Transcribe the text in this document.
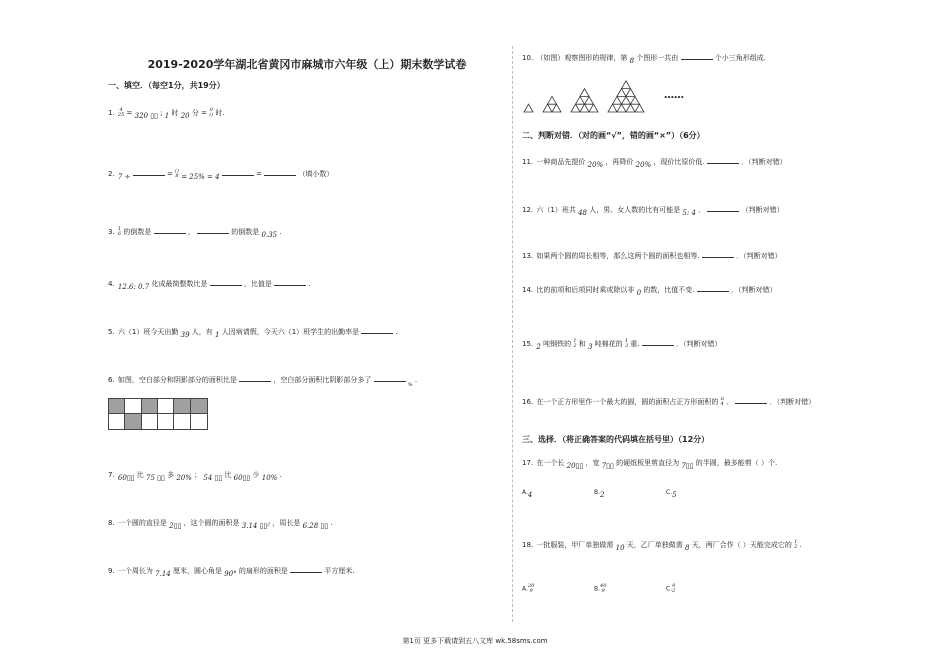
2019-2020学年湖北省黄冈市麻城市六年级（上）期末数学试卷
一、填空．（每空1分，共19分）
1. 4
25 = 320 ▯▯ ; 1 时 20 分 = 0
() 时.
2. 7 ÷	= ()
8 = 25% = 4	=	（填小数）
3. 1
6 的倒数是	，	的倒数是 0.35 .
4. 12.6: 0.7 化成最简整数比是	，比值是	.
5. 六（1）班今天出勤 39 人，有 1 人因病请假，今天六（1）班学生的出勤率是	.
6. 如图，空白部分和阴影部分的面积比是	，空白部分面积比阴影部分多了  $_{\%}$ .
7. 60▯▯ 比 75 ▯▯ 多 20% ； 54 ▯▯ 比 60▯▯ 少 10% .
8. 一个圆的直径是 2▯▯ ，这个圆的面积是 3.14 ▯▯² ，周长是 6.28 ▯▯ .
9. 一个周长为 7.14 厘米，圆心角是 90° 的扇形的面积是	平方厘米.
10. （如图）观察图形的规律，第 8 个图形一共由	个小三角形组成.
二、判断对错．（对的画“√”，错的画“×”）（6分）
11. 一种商品先提价 20% ，再降价 20% ，现价比原价低.	．（判断对错）
12. 六（1）班共 48 人，男、女人数的比有可能是 5: 4 ．	（判断对错）
13. 如果两个圆的周长相等，那么这两个圆的面积也相等.	．（判断对错）
14. 比的前项和后项同时乘或除以非 0 的数，比值不变.	．（判断对错）
15. 2 吨钢铁的 1
2 和 3 吨棉花的 1
3 重.	．（判断对错）
16. 在一个正方形里作一个最大的圆，圆的面积占正方形面积的 π
4 ．	．（判断对错）
三、选择．（将正确答案的代码填在括号里）（12分）
17. 在一个长 20▯▯ ，宽 7▯▯ 的硬纸板里剪直径为 7▯▯ 的半圆，最多能剪（ ）个.
A.4	B.2	C.5
18. 一批服装，甲厂单独做需 10 天，乙厂单独做需 8 天，两厂合作（ ）天能完成它的 1
2 .
A.20
9	B.40
9	C.9
2
……
第1页 更多下载请到五八文库 wk.58sms.com
